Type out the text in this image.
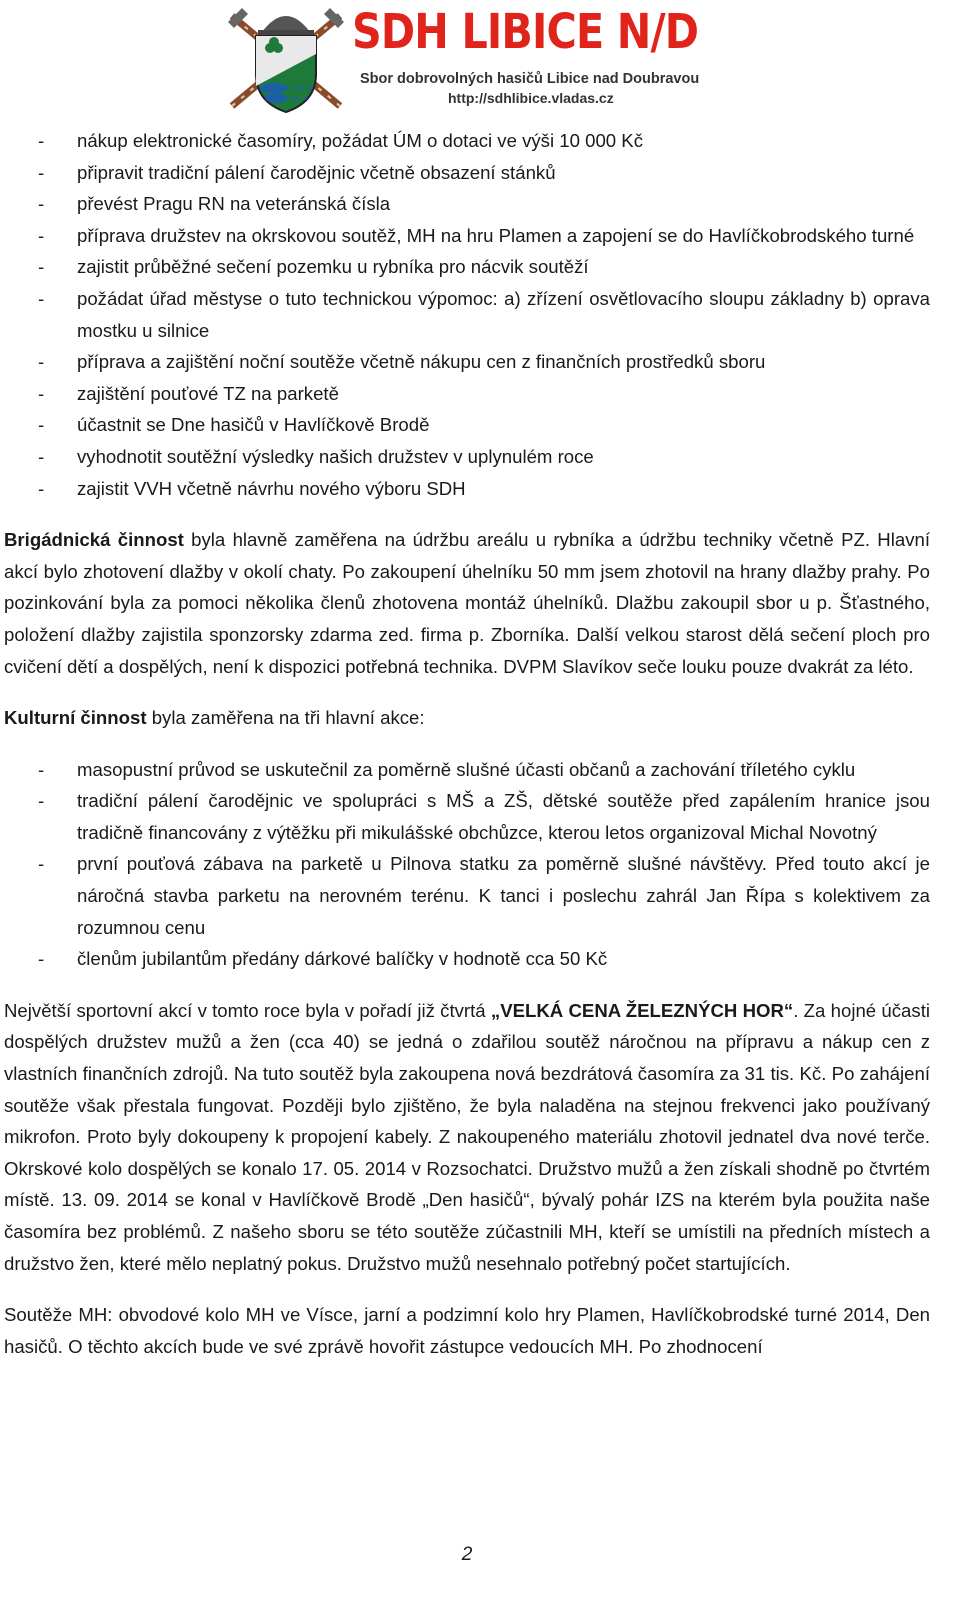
SDH LIBICE N/D
Sbor dobrovolných hasičů Libice nad Doubravou
http://sdhlibice.vladas.cz
- nákup elektronické časomíry, požádat ÚM o dotaci ve výši 10 000 Kč
- připravit tradiční pálení čarodějnic včetně obsazení stánků
- převést Pragu RN na veteránská čísla
- příprava družstev na okrskovou soutěž, MH na hru Plamen a zapojení se do Havlíčkobrodského turné
- zajistit průběžné sečení pozemku u rybníka pro nácvik soutěží
- požádat úřad městyse o tuto technickou výpomoc: a) zřízení osvětlovacího sloupu základny b) oprava mostku u silnice
- příprava a zajištění noční soutěže včetně nákupu cen z finančních prostředků sboru
- zajištění pouťové TZ na parketě
- účastnit se Dne hasičů v Havlíčkově Brodě
- vyhodnotit soutěžní výsledky našich družstev v uplynulém roce
- zajistit VVH včetně návrhu nového výboru SDH
Brigádnická činnost byla hlavně zaměřena na údržbu areálu u rybníka a údržbu techniky včetně PZ. Hlavní akcí bylo zhotovení dlažby v okolí chaty. Po zakoupení úhelníku 50 mm jsem zhotovil na hrany dlažby prahy. Po pozinkování byla za pomoci několika členů zhotovena montáž úhelníků. Dlažbu zakoupil sbor u p. Šťastného, položení dlažby zajistila sponzorsky zdarma zed. firma p. Zborníka. Další velkou starost dělá sečení ploch pro cvičení dětí a dospělých, není k dispozici potřebná technika. DVPM Slavíkov seče louku pouze dvakrát za léto.
Kulturní činnost byla zaměřena na tři hlavní akce:
- masopustní průvod se uskutečnil za poměrně slušné účasti občanů a zachování tříletého cyklu
- tradiční pálení čarodějnic ve spolupráci s MŠ a ZŠ, dětské soutěže před zapálením hranice jsou tradičně financovány z výtěžku při mikulášské obchůzce, kterou letos organizoval Michal Novotný
- první pouťová zábava na parketě u Pilnova statku za poměrně slušné návštěvy. Před touto akcí je náročná stavba parketu na nerovném terénu. K tanci i poslechu zahrál Jan Řípa s kolektivem za rozumnou cenu
- členům jubilantům předány dárkové balíčky v hodnotě cca 50 Kč
Největší sportovní akcí v tomto roce byla v pořadí již čtvrtá „VELKÁ CENA ŽELEZNÝCH HOR“. Za hojné účasti dospělých družstev mužů a žen (cca 40) se jedná o zdařilou soutěž náročnou na přípravu a nákup cen z vlastních finančních zdrojů. Na tuto soutěž byla zakoupena nová bezdrátová časomíra za 31 tis. Kč. Po zahájení soutěže však přestala fungovat. Později bylo zjištěno, že byla naladěna na stejnou frekvenci jako používaný mikrofon. Proto byly dokoupeny k propojení kabely. Z nakoupeného materiálu zhotovil jednatel dva nové terče. Okrskové kolo dospělých se konalo 17. 05. 2014 v Rozsochatci. Družstvo mužů a žen získali shodně po čtvrtém místě. 13. 09. 2014 se konal v Havlíčkově Brodě „Den hasičů“, bývalý pohár IZS na kterém byla použita naše časomíra bez problémů. Z našeho sboru se této soutěže zúčastnili MH, kteří se umístili na předních místech a družstvo žen, které mělo neplatný pokus. Družstvo mužů nesehnalo potřebný počet startujících.
Soutěže MH: obvodové kolo MH ve Vísce, jarní a podzimní kolo hry Plamen, Havlíčkobrodské turné 2014, Den hasičů. O těchto akcích bude ve své zprávě hovořit zástupce vedoucích MH. Po zhodnocení
2
